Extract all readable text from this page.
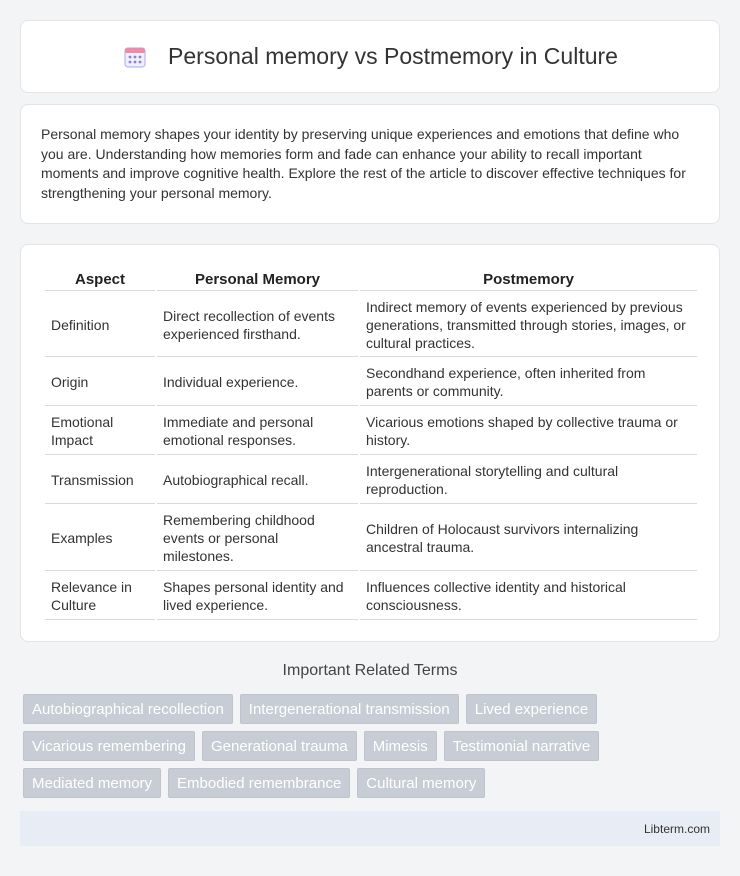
Personal memory vs Postmemory in Culture

Personal memory shapes your identity by preserving unique experiences and emotions that define who you are. Understanding how memories form and fade can enhance your ability to recall important moments and improve cognitive health. Explore the rest of the article to discover effective techniques for strengthening your personal memory.

Aspect	Personal Memory	Postmemory
Definition	Direct recollection of events experienced firsthand.	Indirect memory of events experienced by previous generations, transmitted through stories, images, or cultural practices.
Origin	Individual experience.	Secondhand experience, often inherited from parents or community.
Emotional Impact	Immediate and personal emotional responses.	Vicarious emotions shaped by collective trauma or history.
Transmission	Autobiographical recall.	Intergenerational storytelling and cultural reproduction.
Examples	Remembering childhood events or personal milestones.	Children of Holocaust survivors internalizing ancestral trauma.
Relevance in Culture	Shapes personal identity and lived experience.	Influences collective identity and historical consciousness.
Important Related Terms
Autobiographical recollection	Intergenerational transmission	Lived experience
Vicarious remembering	Generational trauma	Mimesis	Testimonial narrative
Mediated memory	Embodied remembrance	Cultural memory
Libterm.com
